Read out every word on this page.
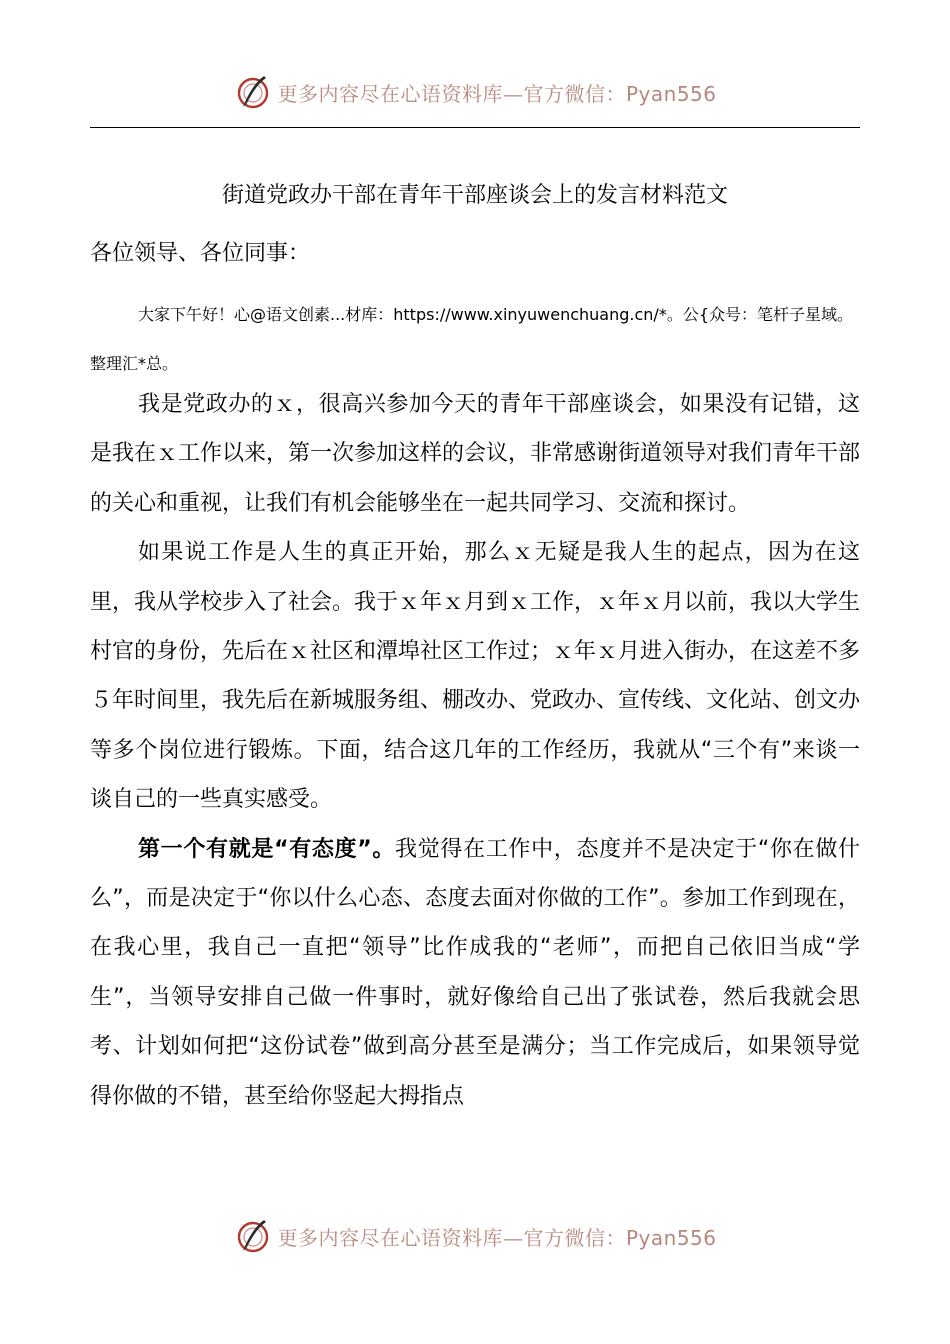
更多内容尽在心语资料库—官方微信：Pyan556
街道党政办干部在青年干部座谈会上的发言材料范文
各位领导、各位同事：
大家下午好！心@语文创素...材库：https://www.xinyuwenchuang.cn/*。公{众号：笔杆子星域。整理汇*总。

我是党政办的ｘ，很高兴参加今天的青年干部座谈会，如果没有记错，这是我在ｘ工作以来，第一次参加这样的会议，非常感谢街道领导对我们青年干部的关心和重视，让我们有机会能够坐在一起共同学习、交流和探讨。

如果说工作是人生的真正开始，那么ｘ无疑是我人生的起点，因为在这里，我从学校步入了社会。我于ｘ年ｘ月到ｘ工作，ｘ年ｘ月以前，我以大学生村官的身份，先后在ｘ社区和潭埠社区工作过；ｘ年ｘ月进入街办，在这差不多５年时间里，我先后在新城服务组、棚改办、党政办、宣传线、文化站、创文办等多个岗位进行锻炼。下面，结合这几年的工作经历，我就从“三个有”来谈一谈自己的一些真实感受。

第一个有就是“有态度”。我觉得在工作中，态度并不是决定于“你在做什么”，而是决定于“你以什么心态、态度去面对你做的工作”。参加工作到现在，在我心里，我自己一直把“领导”比作成我的“老师”，而把自己依旧当成“学生”，当领导安排自己做一件事时，就好像给自己出了张试卷，然后我就会思考、计划如何把“这份试卷”做到高分甚至是满分；当工作完成后，如果领导觉得你做的不错，甚至给你竖起大拇指点

更多内容尽在心语资料库—官方微信：Pyan556
